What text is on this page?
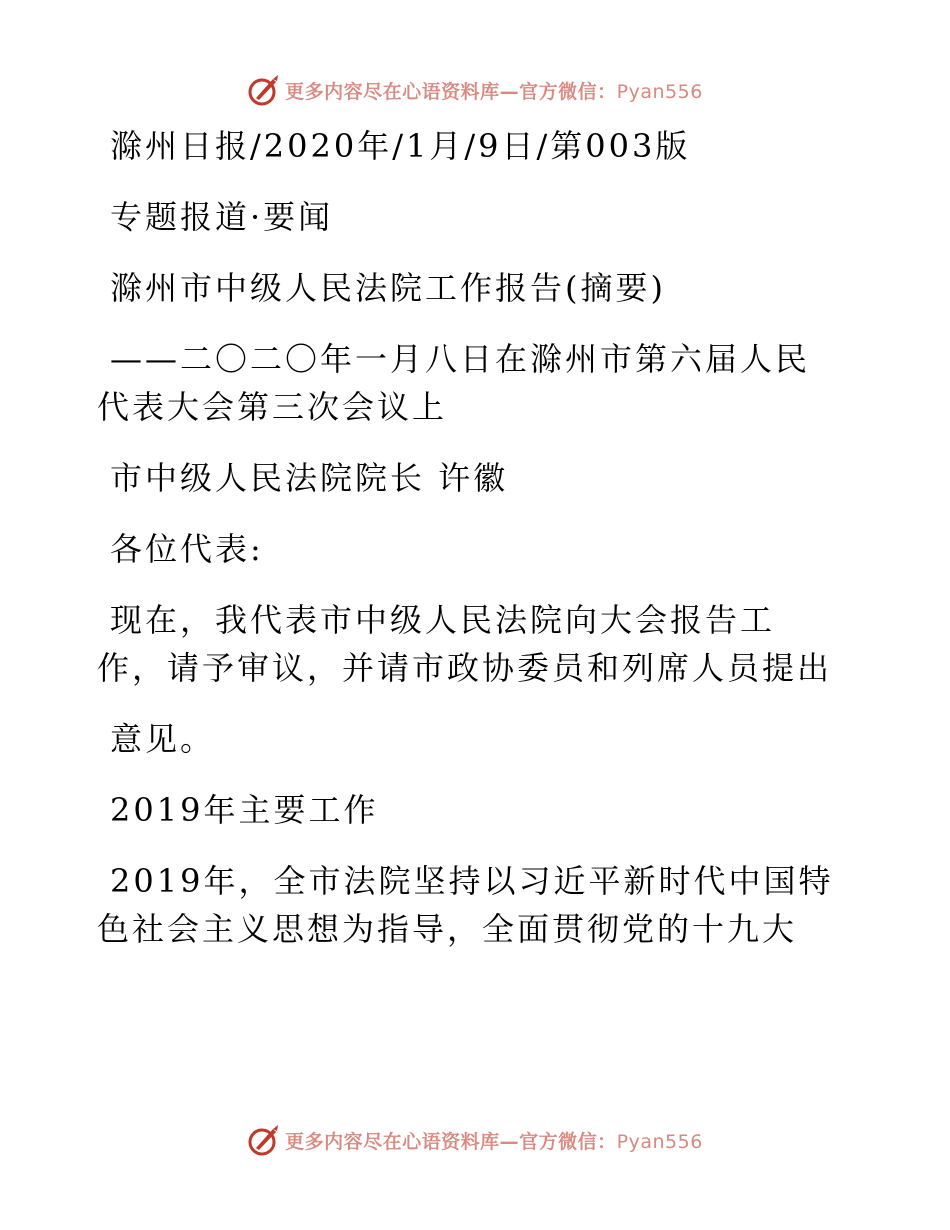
更多内容尽在心语资料库—官方微信：Pyan556

滁州日报/2020年/1月/9日/第003版

专题报道·要闻

滁州市中级人民法院工作报告(摘要)

——二〇二〇年一月八日在滁州市第六届人民代表大会第三次会议上

市中级人民法院院长 许徽

各位代表:

现在，我代表市中级人民法院向大会报告工作，请予审议，并请市政协委员和列席人员提出

意见。

2019年主要工作

2019年，全市法院坚持以习近平新时代中国特色社会主义思想为指导，全面贯彻党的十九大

更多内容尽在心语资料库—官方微信：Pyan556
